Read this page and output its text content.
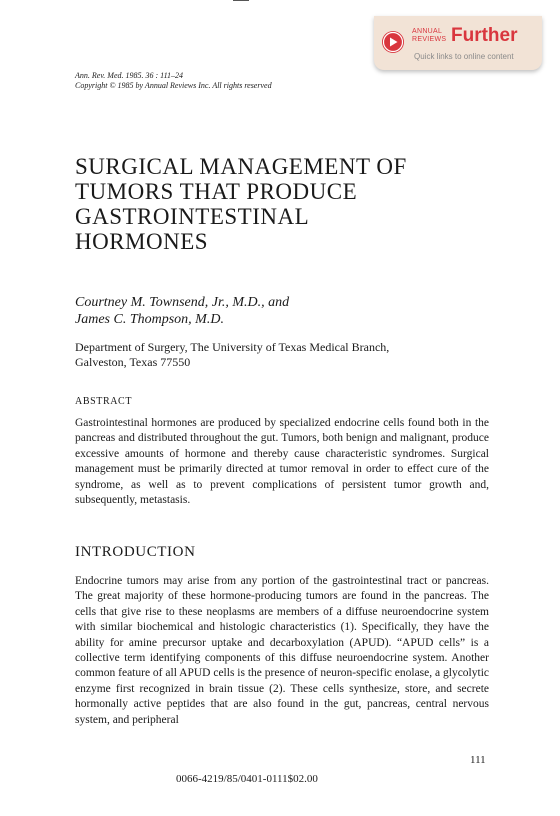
ANNUAL
REVIEWS Further
Quick links to online content
Ann. Rev. Med. 1985. 36 : 111–24
Copyright © 1985 by Annual Reviews Inc. All rights reserved
SURGICAL MANAGEMENT OF
TUMORS THAT PRODUCE
GASTROINTESTINAL
HORMONES
Courtney M. Townsend, Jr., M.D., and
James C. Thompson, M.D.
Department of Surgery, The University of Texas Medical Branch,
Galveston, Texas 77550
ABSTRACT

Gastrointestinal hormones are produced by specialized endocrine cells found both in the pancreas and distributed throughout the gut. Tumors, both benign and malignant, produce excessive amounts of hormone and thereby cause characteristic syndromes. Surgical management must be primarily directed at tumor removal in order to effect cure of the syndrome, as well as to prevent complications of persistent tumor growth and, subsequently, metastasis.

INTRODUCTION

Endocrine tumors may arise from any portion of the gastrointestinal tract or pancreas. The great majority of these hormone-producing tumors are found in the pancreas. The cells that give rise to these neoplasms are members of a diffuse neuroendocrine system with similar biochemical and histologic characteristics (1). Specifically, they have the ability for amine precursor uptake and decarboxylation (APUD). “APUD cells” is a collective term identifying components of this diffuse neuroendocrine system. Another common feature of all APUD cells is the presence of neuron-specific enolase, a glycolytic enzyme first recognized in brain tissue (2). These cells synthesize, store, and secrete hormonally active peptides that are also found in the gut, pancreas, central nervous system, and peripheral

111
0066-4219/85/0401-0111$02.00
